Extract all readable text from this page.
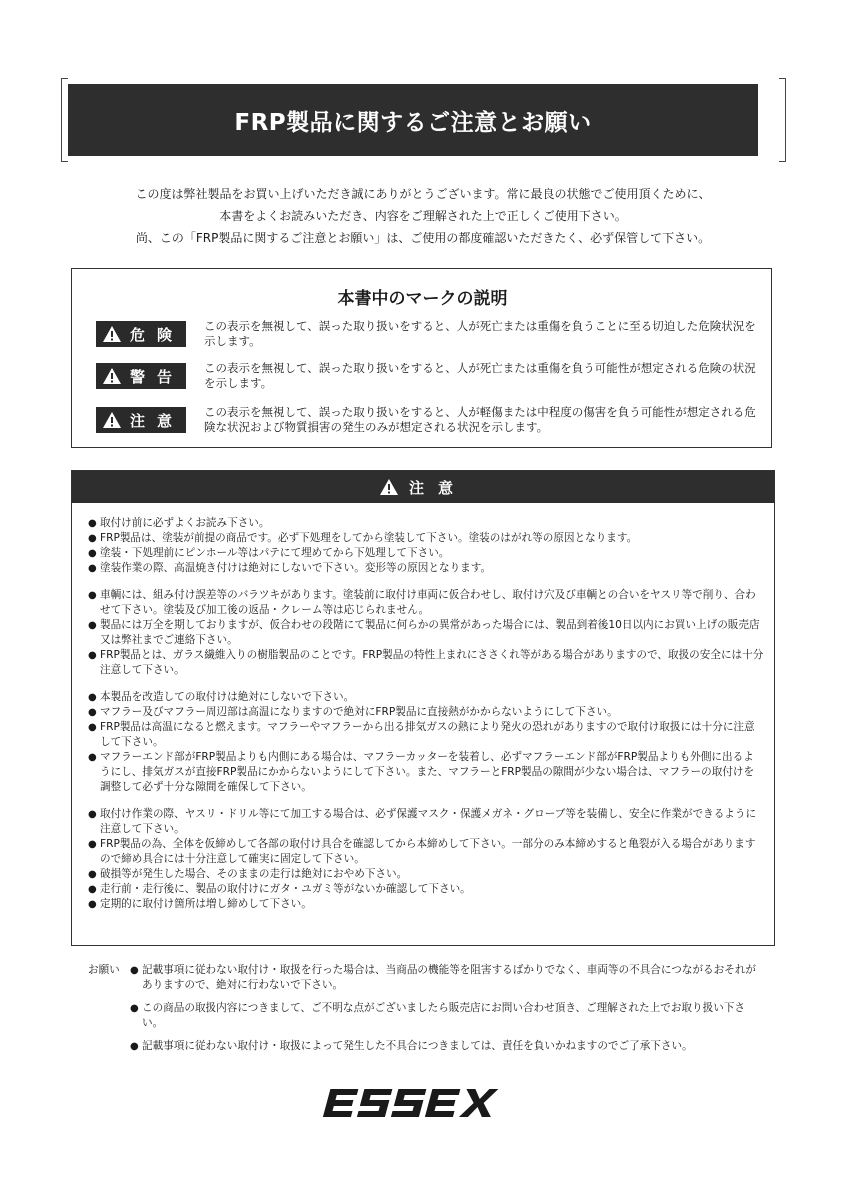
FRP製品に関するご注意とお願い
この度は弊社製品をお買い上げいただき誠にありがとうございます。常に最良の状態でご使用頂くために、
本書をよくお読みいただき、内容をご理解された上で正しくご使用下さい。
尚、この「FRP製品に関するご注意とお願い」は、ご使用の都度確認いただきたく、必ず保管して下さい。
本書中のマークの説明
危険 この表示を無視して、誤った取り扱いをすると、人が死亡または重傷を負うことに至る切迫した危険状況を示します。
警告 この表示を無視して、誤った取り扱いをすると、人が死亡または重傷を負う可能性が想定される危険の状況を示します。
注意 この表示を無視して、誤った取り扱いをすると、人が軽傷または中程度の傷害を負う可能性が想定される危険な状況および物質損害の発生のみが想定される状況を示します。
注意
● 取付け前に必ずよくお読み下さい。
● FRP製品は、塗装が前提の商品です。必ず下処理をしてから塗装して下さい。塗装のはがれ等の原因となります。
● 塗装・下処理前にピンホール等はパテにて埋めてから下処理して下さい。
● 塗装作業の際、高温焼き付けは絶対にしないで下さい。変形等の原因となります。
● 車輌には、組み付け誤差等のバラツキがあります。塗装前に取付け車両に仮合わせし、取付け穴及び車輌との合いをヤスリ等で削り、合わせて下さい。塗装及び加工後の返品・クレーム等は応じられません。
● 製品には万全を期しておりますが、仮合わせの段階にて製品に何らかの異常があった場合には、製品到着後10日以内にお買い上げの販売店又は弊社までご連絡下さい。
● FRP製品とは、ガラス繊維入りの樹脂製品のことです。FRP製品の特性上まれにささくれ等がある場合がありますので、取扱の安全には十分注意して下さい。
● 本製品を改造しての取付けは絶対にしないで下さい。
● マフラー及びマフラー周辺部は高温になりますので絶対にFRP製品に直接熱がかからないようにして下さい。
● FRP製品は高温になると燃えます。マフラーやマフラーから出る排気ガスの熱により発火の恐れがありますので取付け取扱には十分に注意して下さい。
● マフラーエンド部がFRP製品よりも内側にある場合は、マフラーカッターを装着し、必ずマフラーエンド部がFRP製品よりも外側に出るようにし、排気ガスが直接FRP製品にかからないようにして下さい。また、マフラーとFRP製品の隙間が少ない場合は、マフラーの取付けを調整して必ず十分な隙間を確保して下さい。
● 取付け作業の際、ヤスリ・ドリル等にて加工する場合は、必ず保護マスク・保護メガネ・グローブ等を装備し、安全に作業ができるように注意して下さい。
● FRP製品の為、全体を仮締めして各部の取付け具合を確認してから本締めして下さい。一部分のみ本締めすると亀裂が入る場合がありますので締め具合には十分注意して確実に固定して下さい。
● 破損等が発生した場合、そのままの走行は絶対におやめ下さい。
● 走行前・走行後に、製品の取付けにガタ・ユガミ等がないか確認して下さい。
● 定期的に取付け箇所は増し締めして下さい。
お願い ● 記載事項に従わない取付け・取扱を行った場合は、当商品の機能等を阻害するばかりでなく、車両等の不具合につながるおそれがありますので、絶対に行わないで下さい。
● この商品の取扱内容につきまして、ご不明な点がございましたら販売店にお問い合わせ頂き、ご理解された上でお取り扱い下さい。
● 記載事項に従わない取付け・取扱によって発生した不具合につきましては、責任を負いかねますのでご了承下さい。
